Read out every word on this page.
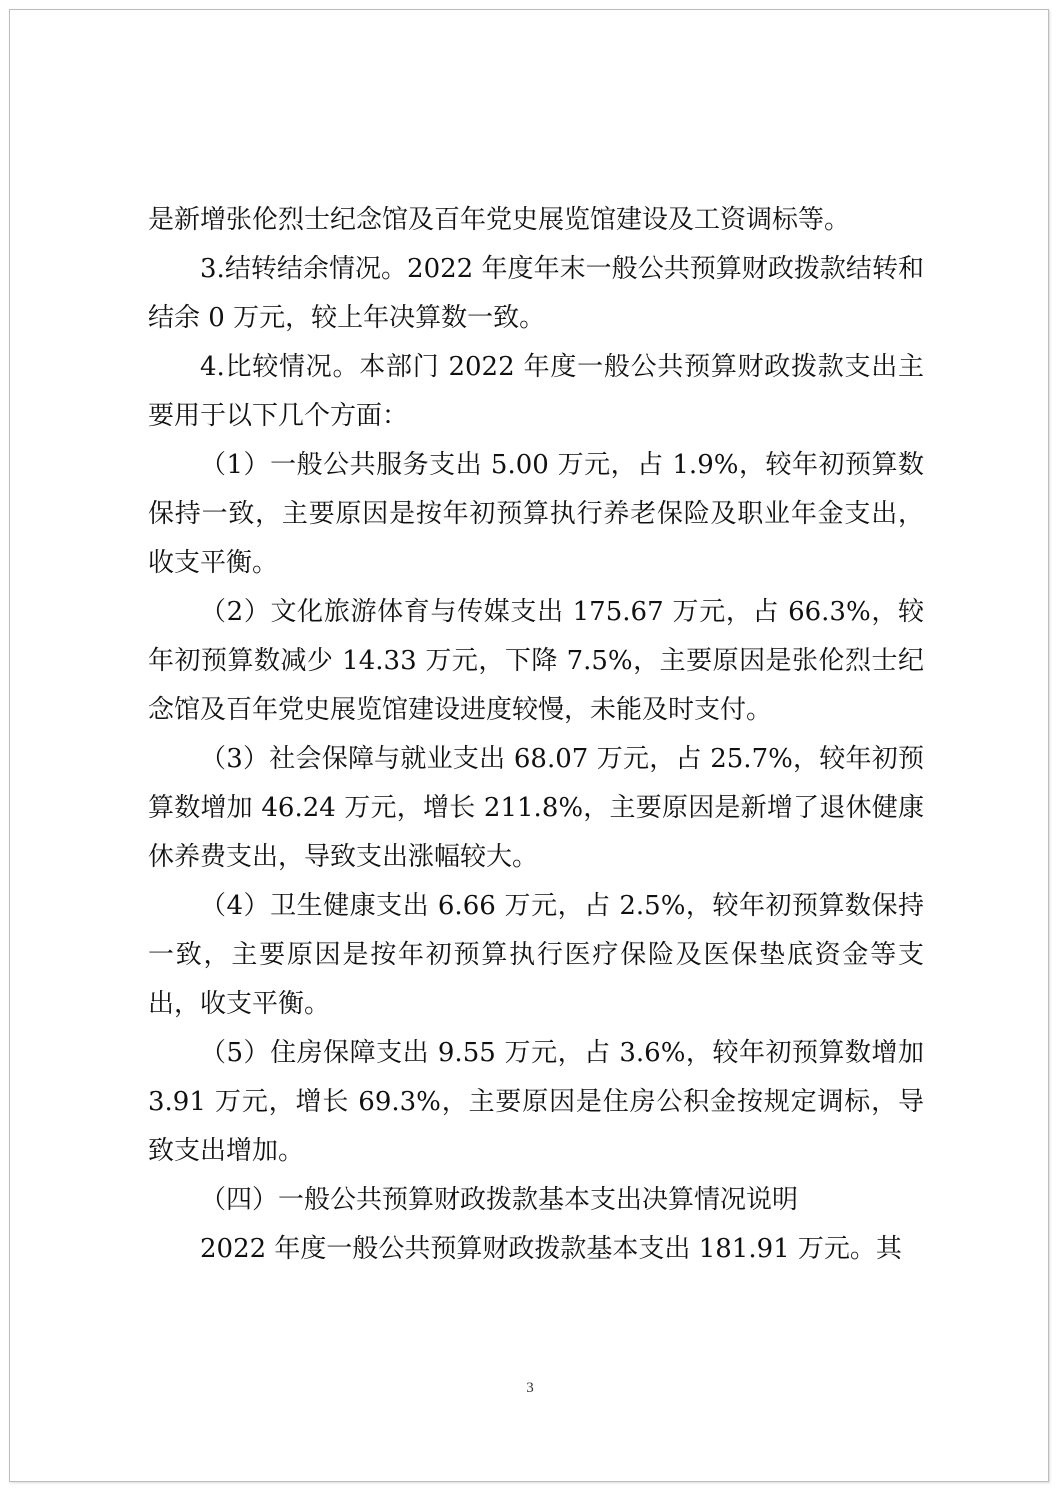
是新增张伦烈士纪念馆及百年党史展览馆建设及工资调标等。

3.结转结余情况。2022 年度年末一般公共预算财政拨款结转和结余 0 万元，较上年决算数一致。

4.比较情况。本部门 2022 年度一般公共预算财政拨款支出主要用于以下几个方面：

（1）一般公共服务支出 5.00 万元，占 1.9%，较年初预算数保持一致，主要原因是按年初预算执行养老保险及职业年金支出，收支平衡。

（2）文化旅游体育与传媒支出 175.67 万元，占 66.3%，较年初预算数减少 14.33 万元，下降 7.5%，主要原因是张伦烈士纪念馆及百年党史展览馆建设进度较慢，未能及时支付。

（3）社会保障与就业支出 68.07 万元，占 25.7%，较年初预算数增加 46.24 万元，增长 211.8%，主要原因是新增了退休健康休养费支出，导致支出涨幅较大。

（4）卫生健康支出 6.66 万元，占 2.5%，较年初预算数保持一致，主要原因是按年初预算执行医疗保险及医保垫底资金等支出，收支平衡。

（5）住房保障支出 9.55 万元，占 3.6%，较年初预算数增加 3.91 万元，增长 69.3%，主要原因是住房公积金按规定调标，导致支出增加。

（四）一般公共预算财政拨款基本支出决算情况说明

2022 年度一般公共预算财政拨款基本支出 181.91 万元。其

3
